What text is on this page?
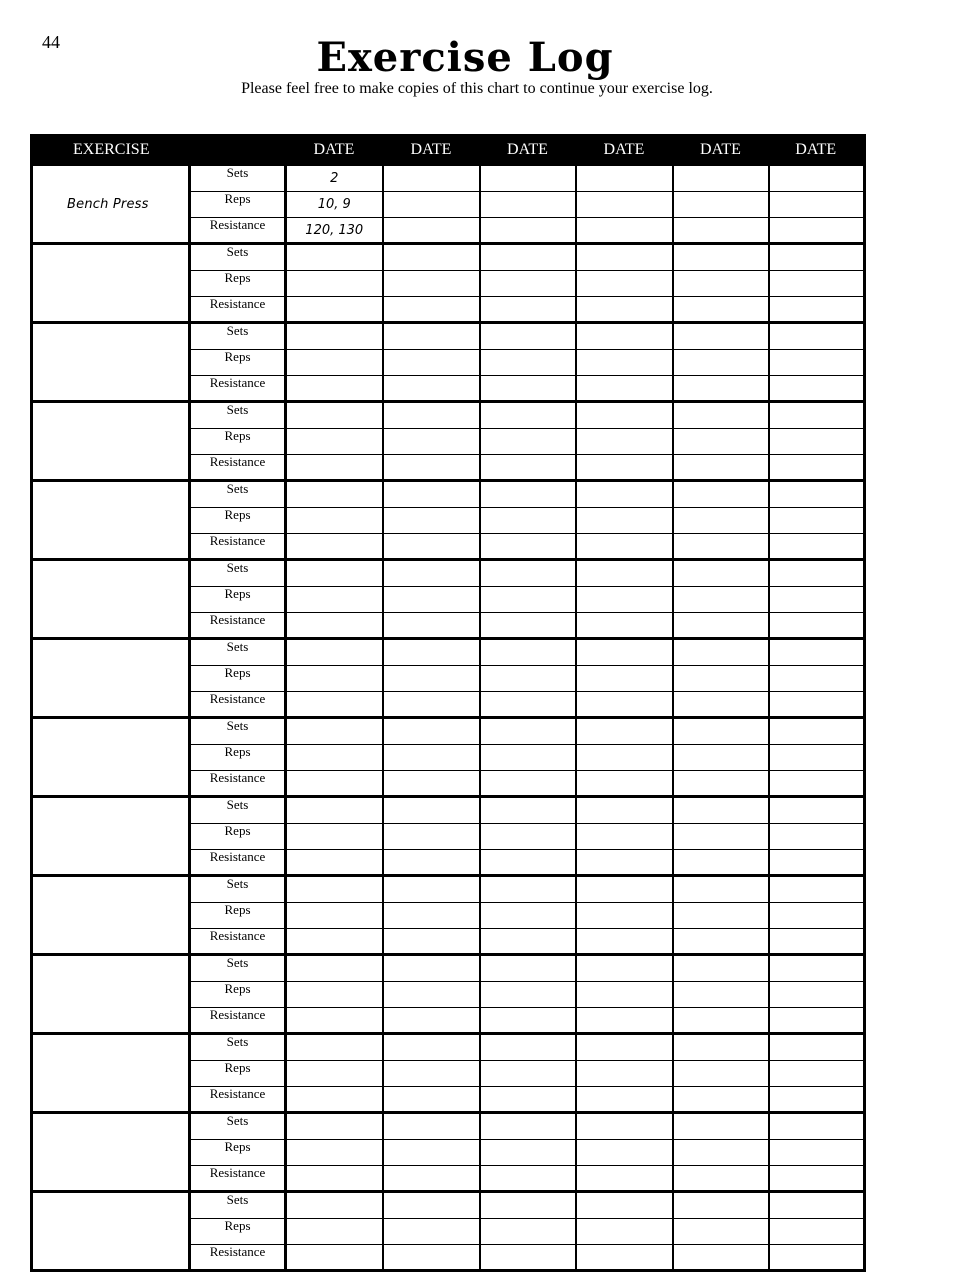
44	Exercise Log
Please feel free to make copies of this chart to continue your exercise log.
EXERCISE		DATE	DATE	DATE	DATE	DATE	DATE
Bench Press	Sets	2					
	Reps	10, 9					
	Resistance	120, 130					
	Sets						
	Reps						
	Resistance						
	Sets						
	Reps						
	Resistance						
	Sets						
	Reps						
	Resistance						
	Sets						
	Reps						
	Resistance						
	Sets						
	Reps						
	Resistance						
	Sets						
	Reps						
	Resistance						
	Sets						
	Reps						
	Resistance						
	Sets						
	Reps						
	Resistance						
	Sets						
	Reps						
	Resistance						
	Sets						
	Reps						
	Resistance						
	Sets						
	Reps						
	Resistance						
	Sets						
	Reps						
	Resistance						
	Sets						
	Reps						
	Resistance						
